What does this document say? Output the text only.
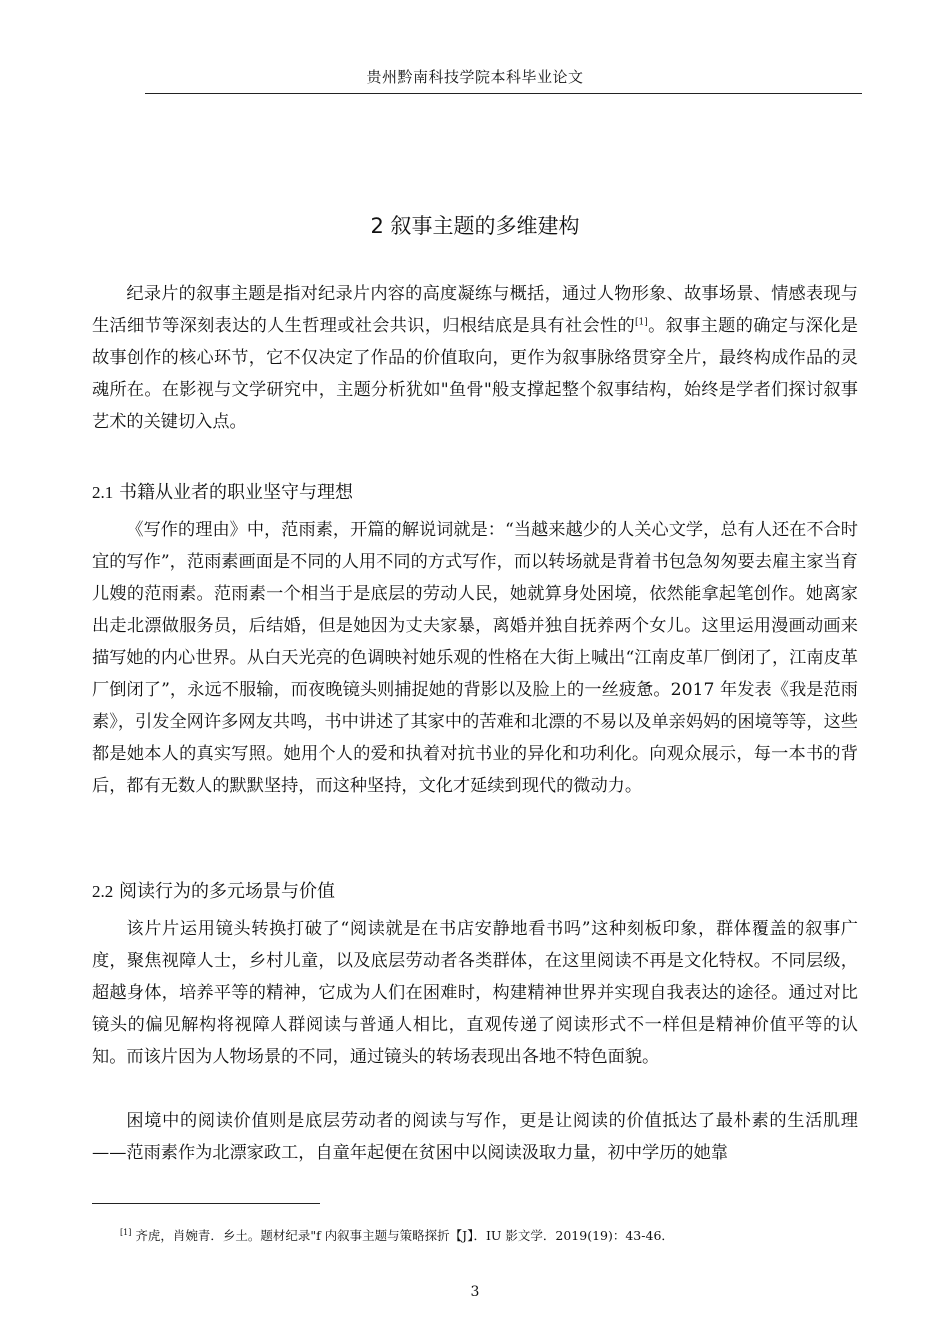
贵州黔南科技学院本科毕业论文
2 叙事主题的多维建构

纪录片的叙事主题是指对纪录片内容的高度凝练与概括，通过人物形象、故事场景、情感表现与生活细节等深刻表达的人生哲理或社会共识，归根结底是具有社会性的[1]。叙事主题的确定与深化是故事创作的核心环节，它不仅决定了作品的价值取向，更作为叙事脉络贯穿全片，最终构成作品的灵魂所在。在影视与文学研究中，主题分析犹如"鱼骨"般支撑起整个叙事结构，始终是学者们探讨叙事艺术的关键切入点。

2.1 书籍从业者的职业坚守与理想

《写作的理由》中，范雨素，开篇的解说词就是：“当越来越少的人关心文学，总有人还在不合时宜的写作”，范雨素画面是不同的人用不同的方式写作，而以转场就是背着书包急匆匆要去雇主家当育儿嫂的范雨素。范雨素一个相当于是底层的劳动人民，她就算身处困境，依然能拿起笔创作。她离家出走北漂做服务员，后结婚，但是她因为丈夫家暴，离婚并独自抚养两个女儿。这里运用漫画动画来描写她的内心世界。从白天光亮的色调映衬她乐观的性格在大街上喊出“江南皮革厂倒闭了，江南皮革厂倒闭了”，永远不服输，而夜晚镜头则捕捉她的背影以及脸上的一丝疲惫。2017 年发表《我是范雨素》，引发全网许多网友共鸣，书中讲述了其家中的苦难和北漂的不易以及单亲妈妈的困境等等，这些都是她本人的真实写照。她用个人的爱和执着对抗书业的异化和功利化。向观众展示，每一本书的背后，都有无数人的默默坚持，而这种坚持，文化才延续到现代的微动力。

2.2 阅读行为的多元场景与价值

该片片运用镜头转换打破了“阅读就是在书店安静地看书吗”这种刻板印象，群体覆盖的叙事广度，聚焦视障人士，乡村儿童，以及底层劳动者各类群体，在这里阅读不再是文化特权。不同层级，超越身体，培养平等的精神，它成为人们在困难时，构建精神世界并实现自我表达的途径。通过对比镜头的偏见解构将视障人群阅读与普通人相比，直观传递了阅读形式不一样但是精神价值平等的认知。而该片因为人物场景的不同，通过镜头的转场表现出各地不特色面貌。

困境中的阅读价值则是底层劳动者的阅读与写作，更是让阅读的价值抵达了最朴素的生活肌理——范雨素作为北漂家政工，自童年起便在贫困中以阅读汲取力量，初中学历的她靠

[1] 齐虎，肖婉青．乡土。题材纪录"f 内叙事主题与策略探折【J】．IU 影文学．2019(19)：43-46．
3
